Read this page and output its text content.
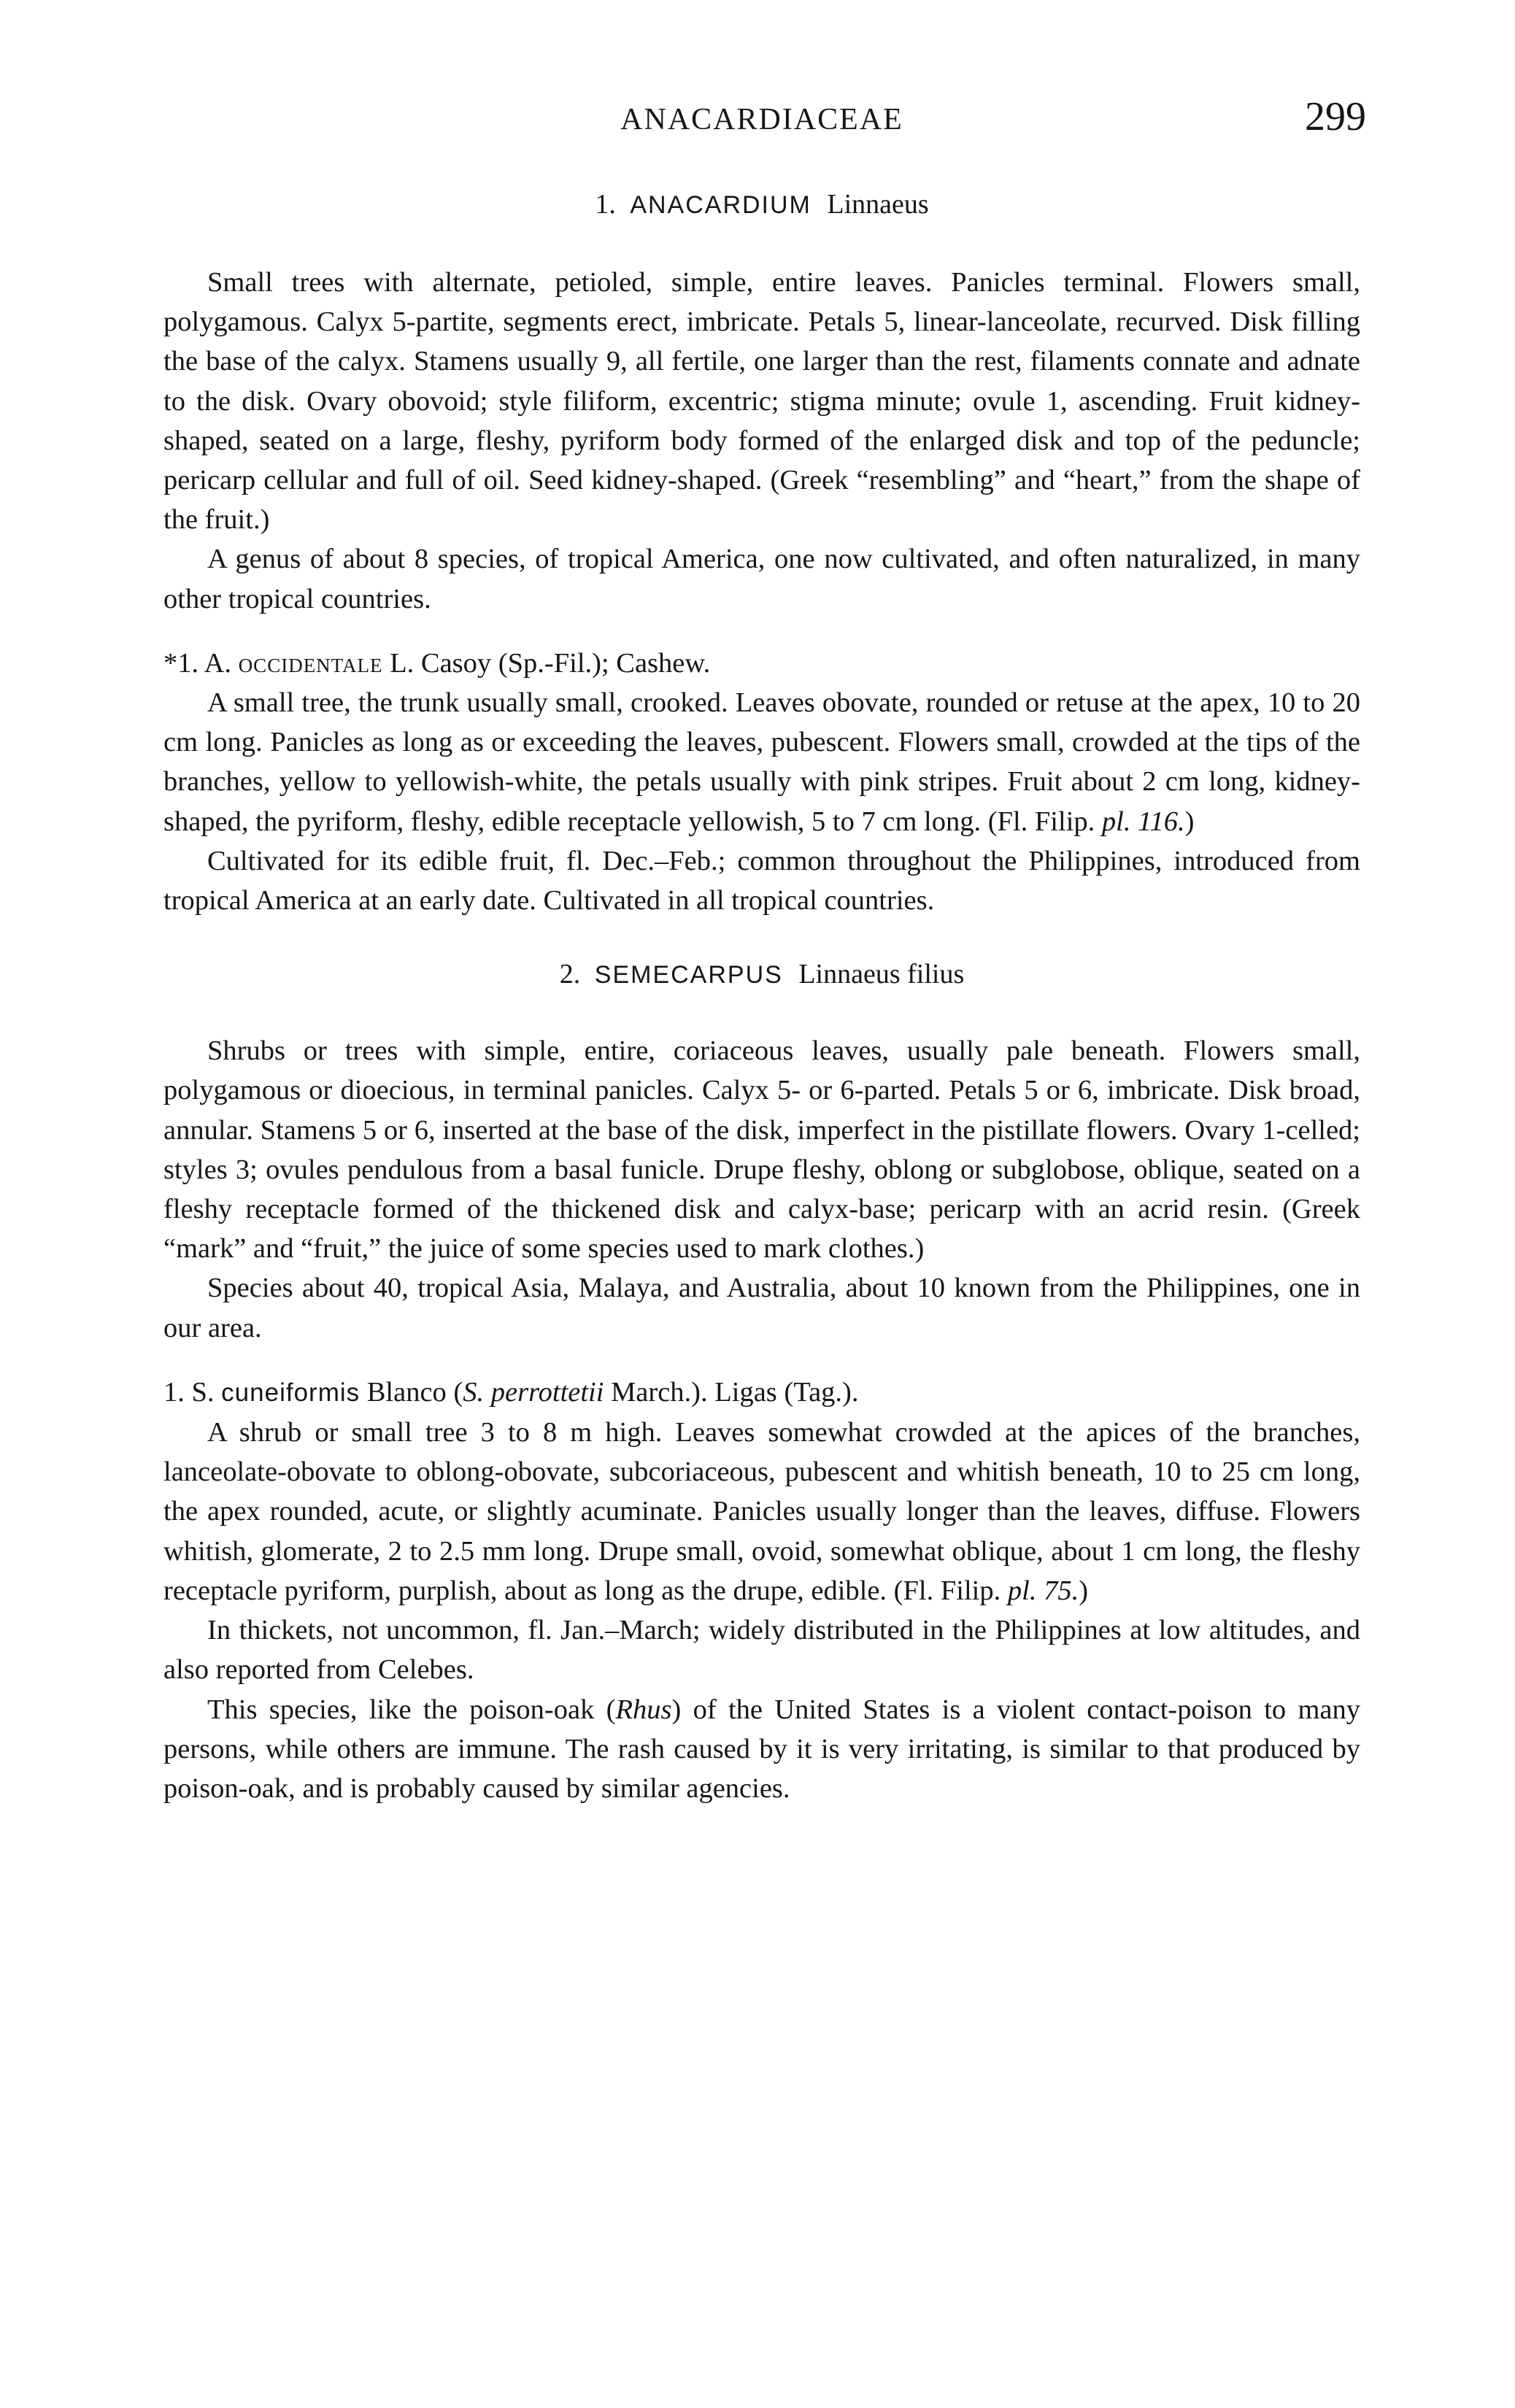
ANACARDIACEAE	299
1. ANACARDIUM Linnaeus

Small trees with alternate, petioled, simple, entire leaves. Panicles terminal. Flowers small, polygamous. Calyx 5-partite, segments erect, imbricate. Petals 5, linear-lanceolate, recurved. Disk filling the base of the calyx. Stamens usually 9, all fertile, one larger than the rest, filaments connate and adnate to the disk. Ovary obovoid; style filiform, excentric; stigma minute; ovule 1, ascending. Fruit kidney-shaped, seated on a large, fleshy, pyriform body formed of the enlarged disk and top of the peduncle; pericarp cellular and full of oil. Seed kidney-shaped. (Greek “resembling” and “heart,” from the shape of the fruit.)

A genus of about 8 species, of tropical America, one now cultivated, and often naturalized, in many other tropical countries.

*1. A. occidentale L. Casoy (Sp.-Fil.); Cashew.

A small tree, the trunk usually small, crooked. Leaves obovate, rounded or retuse at the apex, 10 to 20 cm long. Panicles as long as or exceeding the leaves, pubescent. Flowers small, crowded at the tips of the branches, yellow to yellowish-white, the petals usually with pink stripes. Fruit about 2 cm long, kidney-shaped, the pyriform, fleshy, edible receptacle yellowish, 5 to 7 cm long. (Fl. Filip. pl. 116.)

Cultivated for its edible fruit, fl. Dec.–Feb.; common throughout the Philippines, introduced from tropical America at an early date. Cultivated in all tropical countries.

2. SEMECARPUS Linnaeus filius

Shrubs or trees with simple, entire, coriaceous leaves, usually pale beneath. Flowers small, polygamous or dioecious, in terminal panicles. Calyx 5- or 6-parted. Petals 5 or 6, imbricate. Disk broad, annular. Stamens 5 or 6, inserted at the base of the disk, imperfect in the pistillate flowers. Ovary 1-celled; styles 3; ovules pendulous from a basal funicle. Drupe fleshy, oblong or subglobose, oblique, seated on a fleshy receptacle formed of the thickened disk and calyx-base; pericarp with an acrid resin. (Greek “mark” and “fruit,” the juice of some species used to mark clothes.)

Species about 40, tropical Asia, Malaya, and Australia, about 10 known from the Philippines, one in our area.

1. S. cuneiformis Blanco (S. perrottetii March.). Ligas (Tag.).

A shrub or small tree 3 to 8 m high. Leaves somewhat crowded at the apices of the branches, lanceolate-obovate to oblong-obovate, subcoriaceous, pubescent and whitish beneath, 10 to 25 cm long, the apex rounded, acute, or slightly acuminate. Panicles usually longer than the leaves, diffuse. Flowers whitish, glomerate, 2 to 2.5 mm long. Drupe small, ovoid, somewhat oblique, about 1 cm long, the fleshy receptacle pyriform, purplish, about as long as the drupe, edible. (Fl. Filip. pl. 75.)

In thickets, not uncommon, fl. Jan.–March; widely distributed in the Philippines at low altitudes, and also reported from Celebes.

This species, like the poison-oak (Rhus) of the United States is a violent contact-poison to many persons, while others are immune. The rash caused by it is very irritating, is similar to that produced by poison-oak, and is probably caused by similar agencies.
